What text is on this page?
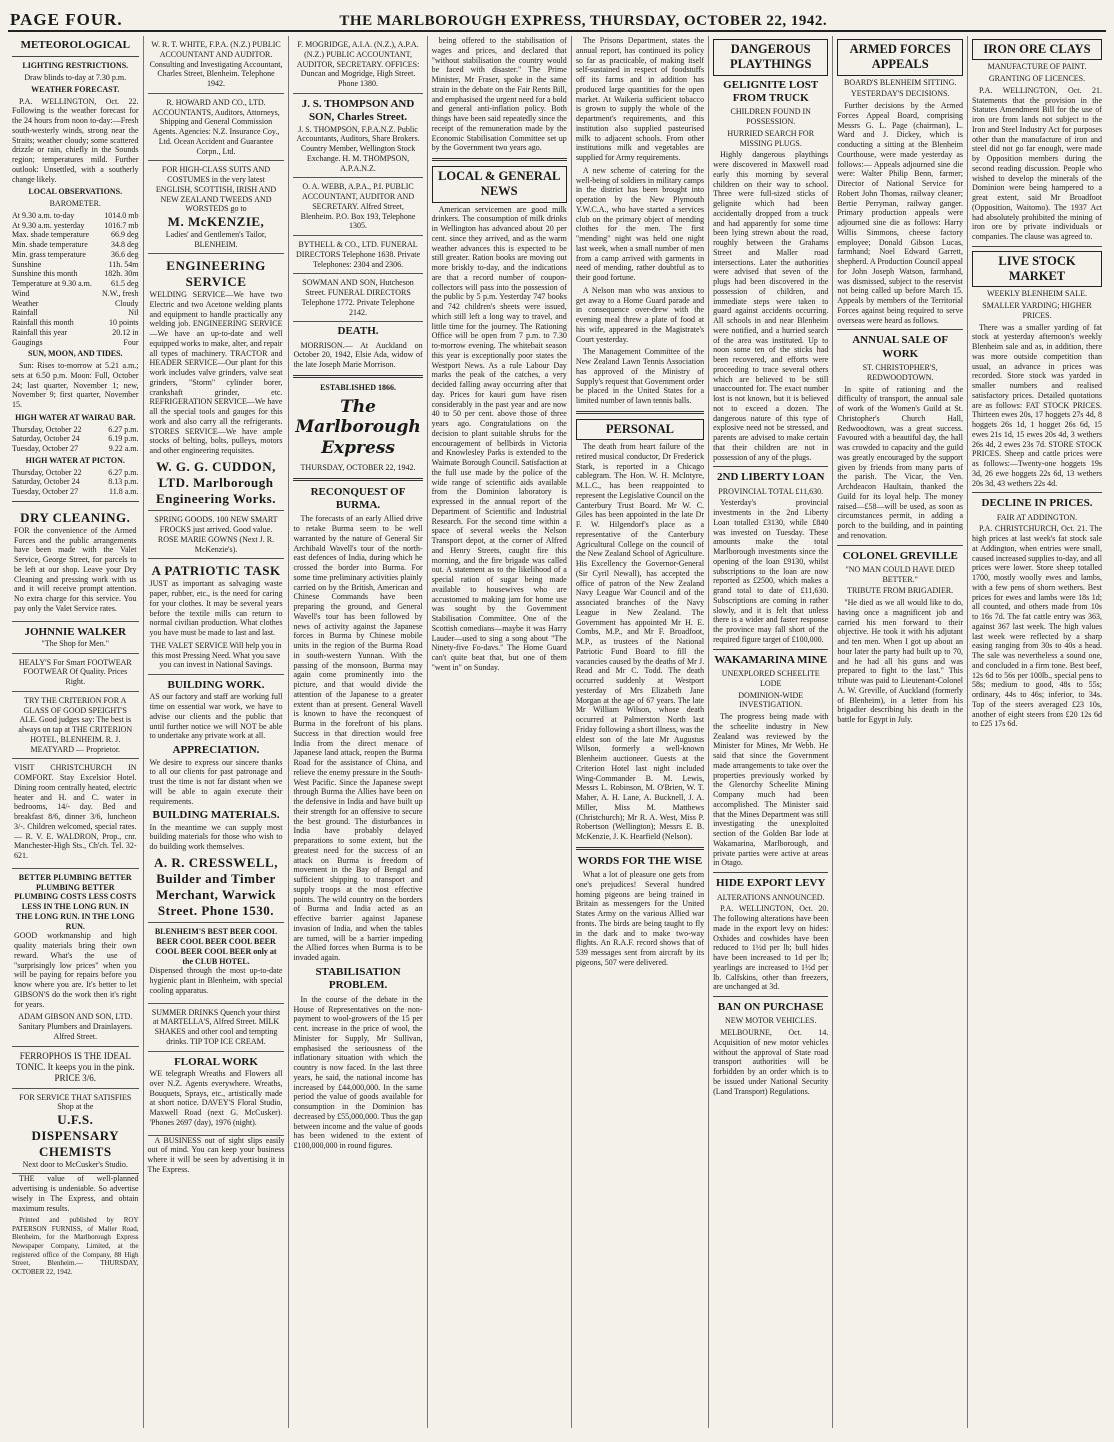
PAGE FOUR.	THE MARLBOROUGH EXPRESS, THURSDAY, OCTOBER 22, 1942.
METEOROLOGICAL
LIGHTING RESTRICTIONS.
Draw blinds to-day at 7.30 p.m.
WEATHER FORECAST.

P.A. WELLINGTON, Oct. 22. Following is the weather forecast for the 24 hours from noon to-day:—Fresh south-westerly winds, strong near the Straits; weather cloudy; some scattered drizzle or rain, chiefly in the Sounds region; temperatures mild. Further outlook: Unsettled, with a southerly change likely.

LOCAL OBSERVATIONS.
BAROMETER.
At 9.30 a.m. to-day	1014.0 mb
At 9.30 a.m. yesterday 1016.7 mb
Max. shade temperature	66.9 deg
Min. shade temperature	34.8 deg
Min. grass temperature	36.6 deg
Sunshine	11h. 54m
Sunshine this month	182h. 30m
Temperature at 9.30 a.m. 61.5 deg
Wind	N.W., fresh
Weather	Cloudy
Rainfall	Nil
Rainfall this month	10 points
Rainfall this year	20.12 in
Gaugings	Four
SUN, MOON, AND TIDES.

Sun: Rises to-morrow at 5.21 a.m.; sets at 6.50 p.m. Moon: Full, October 24; last quarter, November 1; new, November 9; first quarter, November 15.

HIGH WATER AT WAIRAU BAR.
Thursday, October 22	6.27 p.m.
Saturday, October 24	6.19 p.m.
Tuesday, October 27	9.22 a.m.
HIGH WATER AT PICTON.
Thursday, October 22	6.27 p.m.
Saturday, October 24	8.13 p.m.
Tuesday, October 27	11.8 a.m.
DRY CLEANING.

FOR the convenience of the Armed Forces and the public arrangements have been made with the Valet Service, George Street, for parcels to be left at our shop. Leave your Dry Cleaning and pressing work with us and it will receive prompt attention. No extra charge for this service. You pay only the Valet Service rates.

JOHNNIE WALKER
"The Shop for Men."
HEALY'S For Smart FOOTWEAR FOOTWEAR Of Quality. Prices Right.
TRY THE CRITERION FOR A GLASS OF GOOD SPEIGHT'S ALE. Good judges say: The best is always on tap at THE CRITERION HOTEL, BLENHEIM. R. J. MEATYARD — Proprietor.

VISIT CHRISTCHURCH IN COMFORT. Stay Excelsior Hotel. Dining room centrally heated, electric heater and H. and C. water in bedrooms, 14/- day. Bed and breakfast 8/6, dinner 3/6, luncheon 3/-. Children welcomed, special rates.— R. V. E. WALDRON, Prop., cnr. Manchester-High Sts., Ch'ch. Tel. 32-621.

BETTER PLUMBING BETTER PLUMBING BETTER PLUMBING COSTS LESS COSTS LESS IN THE LONG RUN. IN THE LONG RUN. IN THE LONG RUN.

GOOD workmanship and high quality materials bring their own reward. What's the use of "surprisingly low prices" when you will be paying for repairs before you know where you are. It's better to let GIBSON'S do the work then it's right for years.

ADAM GIBSON AND SON, LTD. Sanitary Plumbers and Drainlayers. Alfred Street.
FERROPHOS IS THE IDEAL TONIC. It keeps you in the pink. PRICE 3/6.
FOR SERVICE THAT SATISFIES Shop at the
U.F.S. DISPENSARY CHEMISTS
Next door to McCusker's Studio.

THE value of well-planned advertising is undeniable. So advertise wisely in The Express, and obtain maximum results.

Printed and published by ROY PATERSON FURNISS, of Maller Road, Blenheim, for the Marlborough Express Newspaper Company, Limited, at the registered office of the Company, 88 High Street, Blenheim.— THURSDAY, OCTOBER 22, 1942.

W. R. T. WHITE, F.P.A. (N.Z.) PUBLIC ACCOUNTANT AND AUDITOR. Consulting and Investigating Accountant, Charles Street, Blenheim. Telephone 1942.
R. HOWARD AND CO., LTD. ACCOUNTANTS, Auditors, Attorneys, Shipping and General Commission Agents. Agencies: N.Z. Insurance Coy., Ltd. Ocean Accident and Guarantee Corpn., Ltd.
FOR HIGH-CLASS SUITS AND COSTUMES in the very latest ENGLISH, SCOTTISH, IRISH AND NEW ZEALAND TWEEDS AND WORSTEDS go to
M. McKENZIE,
Ladies' and Gentlemen's Tailor, BLENHEIM.
ENGINEERING SERVICE

WELDING SERVICE—We have two Electric and two Acetone welding plants and equipment to handle practically any welding job. ENGINEERING SERVICE—We have an up-to-date and well equipped works to make, alter, and repair all types of machinery. TRACTOR and HEADER SERVICE—Our plant for this work includes valve grinders, valve seat grinders, "Storm" cylinder borer, crankshaft grinder, etc. REFRIGERATION SERVICE—We have all the special tools and gauges for this work and also carry all the refrigerants. STORES SERVICE—We have ample stocks of belting, bolts, pulleys, motors and other engineering requisites.

W. G. G. CUDDON, LTD. Marlborough Engineering Works.
SPRING GOODS. 100 NEW SMART FROCKS just arrived. Good value. ROSE MARIE GOWNS (Next J. R. McKenzie's).
A PATRIOTIC TASK

JUST as important as salvaging waste paper, rubber, etc., is the need for caring for your clothes. It may be several years before the textile mills can return to normal civilian production. What clothes you have must be made to last and last.

THE VALET SERVICE Will help you in this most Pressing Need. What you save you can invest in National Savings.
BUILDING WORK.

AS our factory and staff are working full time on essential war work, we have to advise our clients and the public that until further notice we will NOT be able to undertake any private work at all.

APPRECIATION.

We desire to express our sincere thanks to all our clients for past patronage and trust the time is not far distant when we will be able to again execute their requirements.

BUILDING MATERIALS.

In the meantime we can supply most building materials for those who wish to do building work themselves.

A. R. CRESSWELL, Builder and Timber Merchant, Warwick Street. Phone 1530.
BLENHEIM'S BEST BEER COOL BEER COOL BEER COOL BEER COOL BEER COOL BEER only at the CLUB HOTEL.

Dispensed through the most up-to-date hygienic plant in Blenheim, with special cooling apparatus.

SUMMER DRINKS Quench your thirst at MARTELLA'S, Alfred Street. MILK SHAKES and other cool and tempting drinks. TIP TOP ICE CREAM.
FLORAL WORK

WE telegraph Wreaths and Flowers all over N.Z. Agents everywhere. Wreaths, Bouquets, Sprays, etc., artistically made at short notice. DAVEY'S Floral Studio, Maxwell Road (next G. McCusker). 'Phones 2697 (day), 1976 (night).

A BUSINESS out of sight slips easily out of mind. You can keep your business where it will be seen by advertising it in The Express.

F. MOGRIDGE, A.I.A. (N.Z.), A.P.A. (N.Z.) PUBLIC ACCOUNTANT, AUDITOR, SECRETARY. OFFICES: Duncan and Mogridge, High Street. Phone 1380.
J. S. THOMPSON AND SON, Charles Street.
J. S. THOMPSON, F.P.A.N.Z. Public Accountants, Auditors, Share Brokers. Country Member, Wellington Stock Exchange. H. M. THOMPSON, A.P.A.N.Z.
O. A. WEBB, A.P.A., P.I. PUBLIC ACCOUNTANT, AUDITOR AND SECRETARY. Alfred Street, Blenheim. P.O. Box 193, Telephone 1305.
BYTHELL & CO., LTD. FUNERAL DIRECTORS Telephone 1638. Private Telephones: 2304 and 2306.
SOWMAN AND SON, Hutcheson Street. FUNERAL DIRECTORS Telephone 1772. Private Telephone 2142.
DEATH.

MORRISON.— At Auckland on October 20, 1942, Elsie Ada, widow of the late Joseph Marie Morrison.

ESTABLISHED 1866.
The Marlborough Express
THURSDAY, OCTOBER 22, 1942.
RECONQUEST OF BURMA.

The forecasts of an early Allied drive to retake Burma seem to be well warranted by the nature of General Sir Archibald Wavell's tour of the north-east defences of India, during which he crossed the border into Burma. For some time preliminary activities plainly carried on by the British, American and Chinese Commands have been preparing the ground, and General Wavell's tour has been followed by news of activity against the Japanese forces in Burma by Chinese mobile units in the region of the Burma Road in south-western Yunnan. With the passing of the monsoon, Burma may again come prominently into the picture, and that would divide the attention of the Japanese to a greater extent than at present. General Wavell is known to have the reconquest of Burma in the forefront of his plans. Success in that direction would free India from the direct menace of Japanese land attack, reopen the Burma Road for the assistance of China, and relieve the enemy pressure in the South-West Pacific. Since the Japanese swept through Burma the Allies have been on the defensive in India and have built up their strength for an offensive to secure the best ground. The disturbances in India have probably delayed preparations to some extent, but the greatest need for the success of an attack on Burma is freedom of movement in the Bay of Bengal and sufficient shipping to transport and supply troops at the most effective points. The wild country on the borders of Burma and India acted as an effective barrier against Japanese invasion of India, and when the tables are turned, will be a barrier impeding the Allied forces when Burma is to be invaded again.

STABILISATION PROBLEM.

In the course of the debate in the House of Representatives on the non-payment to wool-growers of the 15 per cent. increase in the price of wool, the Minister for Supply, Mr Sullivan, emphasised the seriousness of the inflationary situation with which the country is now faced. In the last three years, he said, the national income has increased by £44,000,000. In the same period the value of goods available for consumption in the Dominion has decreased by £55,000,000. Thus the gap between income and the value of goods has been widened to the extent of £100,000,000 in round figures.

being offered to the stabilisation of wages and prices, and declared that "without stabilisation the country would be faced with disaster." The Prime Minister, Mr Fraser, spoke in the same strain in the debate on the Fair Rents Bill, and emphasised the urgent need for a bold and general anti-inflation policy. Both things have been said repeatedly since the receipt of the remuneration made by the Economic Stabilisation Committee set up by the Government two years ago.

LOCAL & GENERAL NEWS

American servicemen are good milk drinkers. The consumption of milk drinks in Wellington has advanced about 20 per cent. since they arrived, and as the warm weather advances this is expected to be still greater. Ration books are moving out more briskly to-day, and the indications are that a record number of coupon-collectors will pass into the possession of the public by 5 p.m. Yesterday 747 books and 742 children's sheets were issued, which still left a long way to travel, and little time for the journey. The Rationing Office will be open from 7 p.m. to 7.30 to-morrow evening. The whitebait season this year is exceptionally poor states the Westport News. As a rule Labour Day marks the peak of the catches, a very decided falling away occurring after that day. Prices for kauri gum have risen considerably in the past year and are now 40 to 50 per cent. above those of three years ago. Congratulations on the decision to plant suitable shrubs for the encouragement of bellbirds in Victoria and Knowlesley Parks is extended to the Waimate Borough Council. Satisfaction at the full use made by the police of the wide range of scientific aids available from the Dominion laboratory is expressed in the annual report of the Department of Scientific and Industrial Research. For the second time within a space of several weeks the Nelson Transport depot, at the corner of Alfred and Henry Streets, caught fire this morning, and the fire brigade was called out. A statement as to the likelihood of a special ration of sugar being made available to housewives who are accustomed to making jam for home use was sought by the Government Stabilisation Committee. One of the Scottish comedians—maybe it was Harry Lauder—used to sing a song about "The Ninety-five Fo-davs." The Home Guard can't quite beat that, but one of them "went in" on Sunday.

The Prisons Department, states the annual report, has continued its policy so far as practicable, of making itself self-sustained in respect of foodstuffs off its farms and in addition has produced large quantities for the open market. At Waikeria sufficient tobacco is grown to supply the whole of the department's requirements, and this institution also supplied pasteurised milk to adjacent schools. From other institutions milk and vegetables are supplied for Army requirements.

A new scheme of catering for the well-being of soldiers in military camps in the district has been brought into operation by the New Plymouth Y.W.C.A., who have started a services club on the primary object of mending clothes for the men. The first "mending" night was held one night last week, when a small number of men from a camp arrived with garments in need of mending, rather doubtful as to their good fortune.

A Nelson man who was anxious to get away to a Home Guard parade and in consequence over-drew with the evening meal threw a plate of food at his wife, appeared in the Magistrate's Court yesterday.

The Management Committee of the New Zealand Lawn Tennis Association has approved of the Ministry of Supply's request that Government order be placed in the United States for a limited number of lawn tennis balls.

PERSONAL

The death from heart failure of the retired musical conductor, Dr Frederick Stark, is reported in a Chicago cablegram. The Hon. W. H. McIntyre, M.L.C., has been reappointed to represent the Legislative Council on the Canterbury Trust Board. Mr W. C. Giles has been appointed in the late Dr F. W. Hilgendorf's place as a representative of the Canterbury Agricultural College on the council of the New Zealand School of Agriculture. His Excellency the Governor-General (Sir Cyril Newall), has accepted the office of patron of the New Zealand Navy League War Council and of the associated branches of the Navy League in New Zealand. The Government has appointed Mr H. E. Combs, M.P., and Mr F. Broadfoot, M.P., as trustees of the National Patriotic Fund Board to fill the vacancies caused by the deaths of Mr J. Read and Mr C. Todd. The death occurred suddenly at Westport yesterday of Mrs Elizabeth Jane Morgan at the age of 67 years. The late Mr William Wilson, whose death occurred at Palmerston North last Friday following a short illness, was the eldest son of the late Mr Augustus Wilson, formerly a well-known Blenheim auctioneer. Guests at the Criterion Hotel last night included Wing-Commander B. M. Lewis, Messrs L. Robinson, M. O'Brien, W. T. Maher, A. H. Lane, A. Bucknell, J. A. Miller, Miss M. Matthews (Christchurch); Mr R. A. West, Miss P. Robertson (Wellington); Messrs E. B. McKenzie, J. K. Hearfield (Nelson).

WORDS FOR THE WISE

What a lot of pleasure one gets from one's prejudices! Several hundred homing pigeons are being trained in Britain as messengers for the United States Army on the various Allied war fronts. The birds are being taught to fly in the dark and to make two-way flights. An R.A.F. record shows that of 539 messages sent from aircraft by its pigeons, 507 were delivered.

DANGEROUS PLAYTHINGS
GELIGNITE LOST FROM TRUCK
CHILDREN FOUND IN POSSESSION.
HURRIED SEARCH FOR MISSING PLUGS.

Highly dangerous playthings were discovered in Maxwell road early this morning by several children on their way to school. Three were full-sized sticks of gelignite which had been accidentally dropped from a truck and had apparently for some time been lying strewn about the road, roughly between the Grahams Street and Maller road intersections. Later the authorities were advised that seven of the plugs had been discovered in the possession of children, and immediate steps were taken to guard against accidents occurring. All schools in and near Blenheim were notified, and a hurried search of the area was instituted. Up to noon some ten of the sticks had been recovered, and efforts were proceeding to trace several others which are believed to be still unaccounted for. The exact number lost is not known, but it is believed not to exceed a dozen. The dangerous nature of this type of explosive need not be stressed, and parents are advised to make certain that their children are not in possession of any of the plugs.

2ND LIBERTY LOAN
PROVINCIAL TOTAL £11,630.

Yesterday's provincial investments in the 2nd Liberty Loan totalled £3130, while £840 was invested on Tuesday. These amounts make the total Marlborough investments since the opening of the loan £9130, whilst subscriptions to the loan are now reported as £2500, which makes a grand total to date of £11,630. Subscriptions are coming in rather slowly, and it is felt that unless there is a wider and faster response the province may fall short of the required figure target of £100,000.

WAKAMARINA MINE
UNEXPLORED SCHEELITE LODE
DOMINION-WIDE INVESTIGATION.

The progress being made with the scheelite industry in New Zealand was reviewed by the Minister for Mines, Mr Webb. He said that since the Government made arrangements to take over the properties previously worked by the Glenorchy Scheelite Mining Company much had been accomplished. The Minister said that the Mines Department was still investigating the unexploited section of the Golden Bar lode at Wakamarina, Marlborough, and private parties were active at areas in Otago.

HIDE EXPORT LEVY
ALTERATIONS ANNOUNCED.

P.A. WELLINGTON, Oct. 20. The following alterations have been made in the export levy on hides: Oxhides and cowhides have been reduced to 1½d per lb; bull hides have been increased to 1d per lb; yearlings are increased to 1½d per lb. Calfskins, other than freezers, are unchanged at 3d.

BAN ON PURCHASE
NEW MOTOR VEHICLES.

MELBOURNE, Oct. 14. Acquisition of new motor vehicles without the approval of State road transport authorities will be forbidden by an order which is to be issued under National Security (Land Transport) Regulations.

ARMED FORCES APPEALS
BOARD'S BLENHEIM SITTING.
YESTERDAY'S DECISIONS.

Further decisions by the Armed Forces Appeal Board, comprising Messrs G. L. Page (chairman), L. Ward and J. Dickey, which is conducting a sitting at the Blenheim Courthouse, were made yesterday as follows:— Appeals adjourned sine die were: Walter Philip Benn, farmer; Director of National Service for Robert John Thomas, railway cleaner; Bertie Perryman, railway ganger. Primary production appeals were adjourned sine die as follows: Harry Willis Simmons, cheese factory employee; Donald Gibson Lucas, farmhand; Noel Edward Garrett, shepherd. A Production Council appeal for John Joseph Watson, farmhand, was dismissed, subject to the reservist not being called up before March 15. Appeals by members of the Territorial Forces against being required to serve overseas were heard as follows.

ANNUAL SALE OF WORK
ST. CHRISTOPHER'S, REDWOODTOWN.

In spite of rationing and the difficulty of transport, the annual sale of work of the Women's Guild at St. Christopher's Church Hall, Redwoodtown, was a great success. Favoured with a beautiful day, the hall was crowded to capacity and the guild was greatly encouraged by the support given by friends from many parts of the parish. The Vicar, the Ven. Archdeacon Haultain, thanked the Guild for its loyal help. The money raised—£58—will be used, as soon as circumstances permit, in adding a porch to the building, and in painting and renovation.

COLONEL GREVILLE
"NO MAN COULD HAVE DIED BETTER."
TRIBUTE FROM BRIGADIER.

"He died as we all would like to do, having once a magnificent job and carried his men forward to their objective. He took it with his adjutant and ten men. When I got up about an hour later the party had built up to 70, and he had all his guns and was prepared to fight to the last." This tribute was paid to Lieutenant-Colonel A. W. Greville, of Auckland (formerly of Blenheim), in a letter from his brigadier describing his death in the battle for Egypt in July.

IRON ORE CLAYS
MANUFACTURE OF PAINT.
GRANTING OF LICENCES.

P.A. WELLINGTON, Oct. 21. Statements that the provision in the Statutes Amendment Bill for the use of iron ore from lands not subject to the Iron and Steel Industry Act for purposes other than the manufacture of iron and steel did not go far enough, were made by Opposition members during the second reading discussion. People who wished to develop the minerals of the Dominion were being hampered to a great extent, said Mr Broadfoot (Opposition, Waitomo). The 1937 Act had absolutely prohibited the mining of iron ore by private individuals or companies. The clause was agreed to.

LIVE STOCK MARKET
WEEKLY BLENHEIM SALE.
SMALLER YARDING; HIGHER PRICES.

There was a smaller yarding of fat stock at yesterday afternoon's weekly Blenheim sale and as, in addition, there was more outside competition than usual, an advance in prices was recorded. Store stock was yarded in smaller numbers and realised satisfactory prices. Detailed quotations are as follows: FAT STOCK PRICES. Thirteen ewes 20s, 17 hoggets 27s 4d, 8 hoggets 26s 1d, 1 hogget 26s 6d, 15 ewes 21s 1d, 15 ewes 20s 4d, 3 wethers 26s 4d, 2 ewes 23s 7d. STORE STOCK PRICES. Sheep and cattle prices were as follows:—Twenty-one hoggets 19s 3d, 26 ewe hoggets 22s 6d, 13 wethers 20s 3d, 43 wethers 22s 4d.

DECLINE IN PRICES.
FAIR AT ADDINGTON.

P.A. CHRISTCHURCH, Oct. 21. The high prices at last week's fat stock sale at Addington, when entries were small, caused increased supplies to-day, and all prices were lower. Store sheep totalled 1700, mostly woolly ewes and lambs, with a few pens of shorn wethers. Best prices for ewes and lambs were 18s 1d; all counted, and others made from 10s to 16s 7d. The fat cattle entry was 363, against 367 last week. The high values last week were reflected by a sharp easing ranging from 30s to 40s a head. The sale was nevertheless a sound one, and concluded in a firm tone. Best beef, 12s 6d to 56s per 100lb., special pens to 58s; medium to good, 48s to 55s; ordinary, 44s to 46s; inferior, to 34s. Top of the steers averaged £23 10s, another of eight steers from £20 12s 6d to £25 17s 6d.
